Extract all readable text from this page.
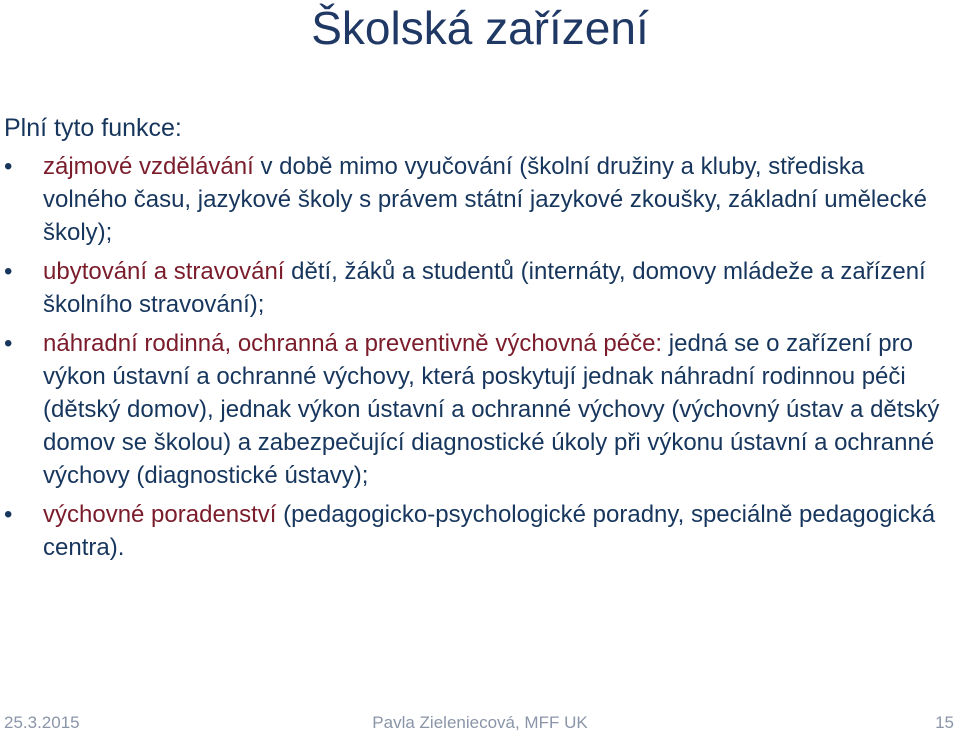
Školská zařízení

Plní tyto funkce:

•	zájmové vzdělávání v době mimo vyučování (školní družiny a kluby, střediska volného času, jazykové školy s právem státní jazykové zkoušky, základní umělecké školy);
•	ubytování a stravování dětí, žáků a studentů (internáty, domovy mládeže a zařízení školního stravování);
•	náhradní rodinná, ochranná a preventivně výchovná péče: jedná se o zařízení pro výkon ústavní a ochranné výchovy, která poskytují jednak náhradní rodinnou péči (dětský domov), jednak výkon ústavní a ochranné výchovy (výchovný ústav a dětský domov se školou) a zabezpečující diagnostické úkoly při výkonu ústavní a ochranné výchovy (diagnostické ústavy);
•	výchovné poradenství (pedagogicko-psychologické poradny, speciálně pedagogická centra).
25.3.2015	Pavla Zieleniecová, MFF UK	15
